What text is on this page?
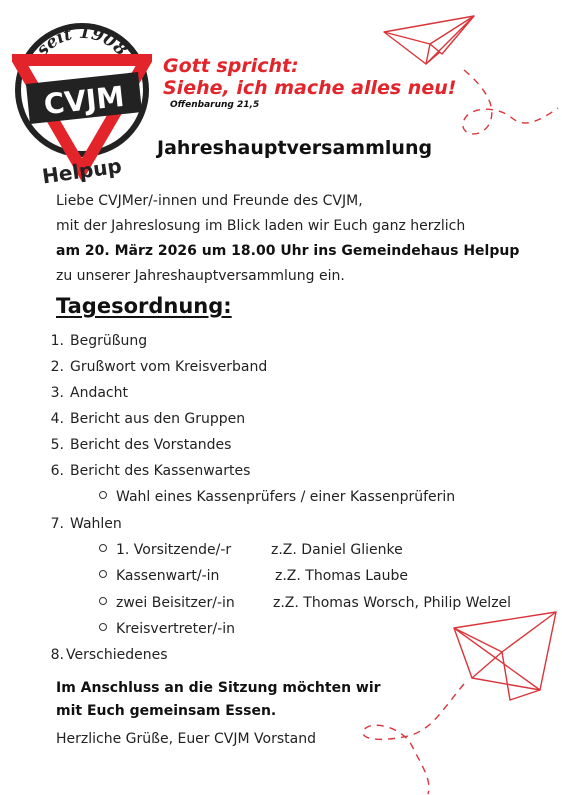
seit 1908
CVJM
Helpup
Gott spricht:
Siehe, ich mache alles neu!
Offenbarung 21,5
Jahreshauptversammlung
Liebe CVJMer/-innen und Freunde des CVJM,
mit der Jahreslosung im Blick laden wir Euch ganz herzlich
am 20. März 2026 um 18.00 Uhr ins Gemeindehaus Helpup
zu unserer Jahreshauptversammlung ein.
Tagesordnung:
1. Begrüßung
2. Grußwort vom Kreisverband
3. Andacht
4. Bericht aus den Gruppen
5. Bericht des Vorstandes
6. Bericht des Kassenwartes
Wahl eines Kassenprüfers / einer Kassenprüferin
7. Wahlen
1. Vorsitzende/-r	z.Z. Daniel Glienke
Kassenwart/-in	z.Z. Thomas Laube
zwei Beisitzer/-in	z.Z. Thomas Worsch, Philip Welzel
Kreisvertreter/-in
8. Verschiedenes
Im Anschluss an die Sitzung möchten wir
mit Euch gemeinsam Essen.
Herzliche Grüße, Euer CVJM Vorstand
